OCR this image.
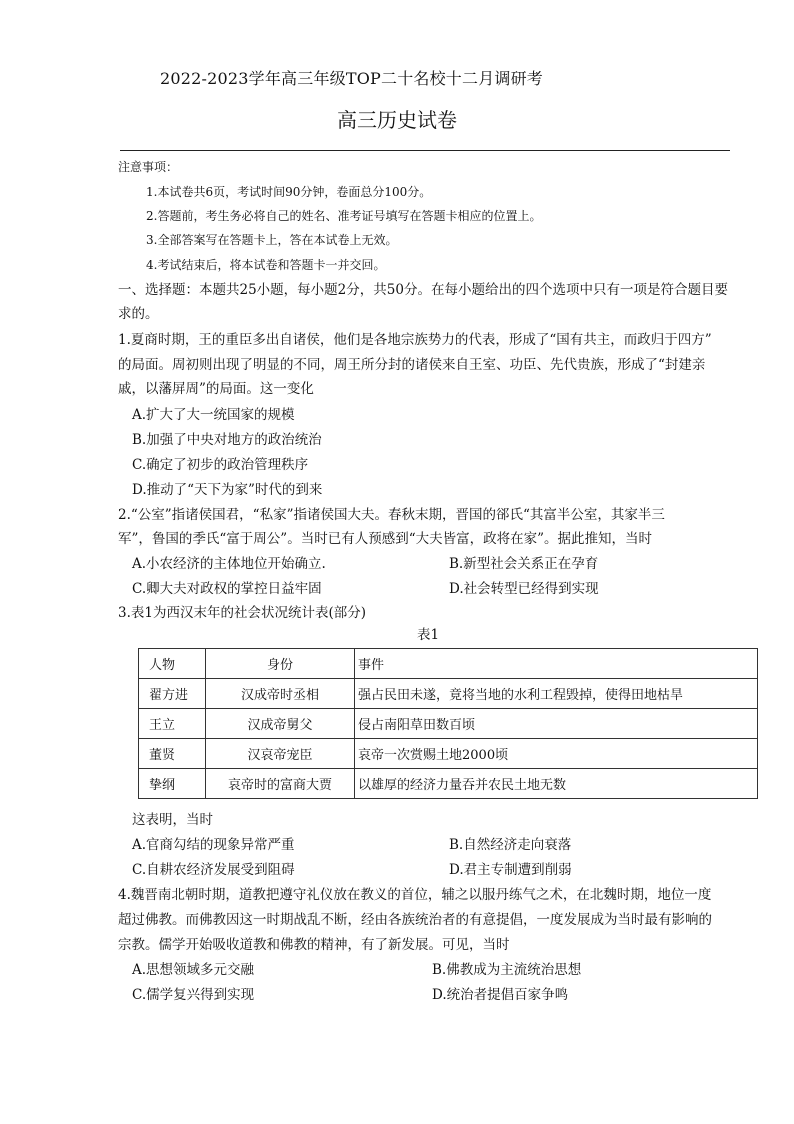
2022-2023学年高三年级TOP二十名校十二月调研考
高三历史试卷
注意事项：
1.本试卷共6页，考试时间90分钟，卷面总分100分。
2.答题前，考生务必将自己的姓名、准考证号填写在答题卡相应的位置上。
3.全部答案写在答题卡上，答在本试卷上无效。
4.考试结束后，将本试卷和答题卡一并交回。
一、选择题：本题共25小题，每小题2分，共50分。在每小题给出的四个选项中只有一项是符合题目要
求的。
1.夏商时期，王的重臣多出自诸侯，他们是各地宗族势力的代表，形成了“国有共主，而政归于四方”
的局面。周初则出现了明显的不同，周王所分封的诸侯来自王室、功臣、先代贵族，形成了“封建亲
戚，以藩屏周”的局面。这一变化
A.扩大了大一统国家的规模
B.加强了中央对地方的政治统治
C.确定了初步的政治管理秩序
D.推动了“天下为家”时代的到来
2.“公室”指诸侯国君，“私家”指诸侯国大夫。春秋末期，晋国的郤氏“其富半公室，其家半三
军”，鲁国的季氏“富于周公”。当时已有人预感到“大夫皆富，政将在家”。据此推知，当时
A.小农经济的主体地位开始确立.	B.新型社会关系正在孕育
C.卿大夫对政权的掌控日益牢固	D.社会转型已经得到实现
3.表1为西汉末年的社会状况统计表(部分)
表1
人物	身份	事件
翟方进	汉成帝时丞相	强占民田未遂，竟将当地的水利工程毁掉，使得田地枯旱
王立	汉成帝舅父	侵占南阳草田数百顷
董贤	汉哀帝宠臣	哀帝一次赏赐土地2000顷
挚纲	哀帝时的富商大贾	以雄厚的经济力量吞并农民土地无数
这表明，当时
A.官商勾结的现象异常严重	B.自然经济走向衰落
C.自耕农经济发展受到阻碍	D.君主专制遭到削弱
4.魏晋南北朝时期，道教把遵守礼仪放在教义的首位，辅之以服丹练气之术，在北魏时期，地位一度
超过佛教。而佛教因这一时期战乱不断，经由各族统治者的有意提倡，一度发展成为当时最有影响的
宗教。儒学开始吸收道教和佛教的精神，有了新发展。可见，当时
A.思想领域多元交融	B.佛教成为主流统治思想
C.儒学复兴得到实现	D.统治者提倡百家争鸣
